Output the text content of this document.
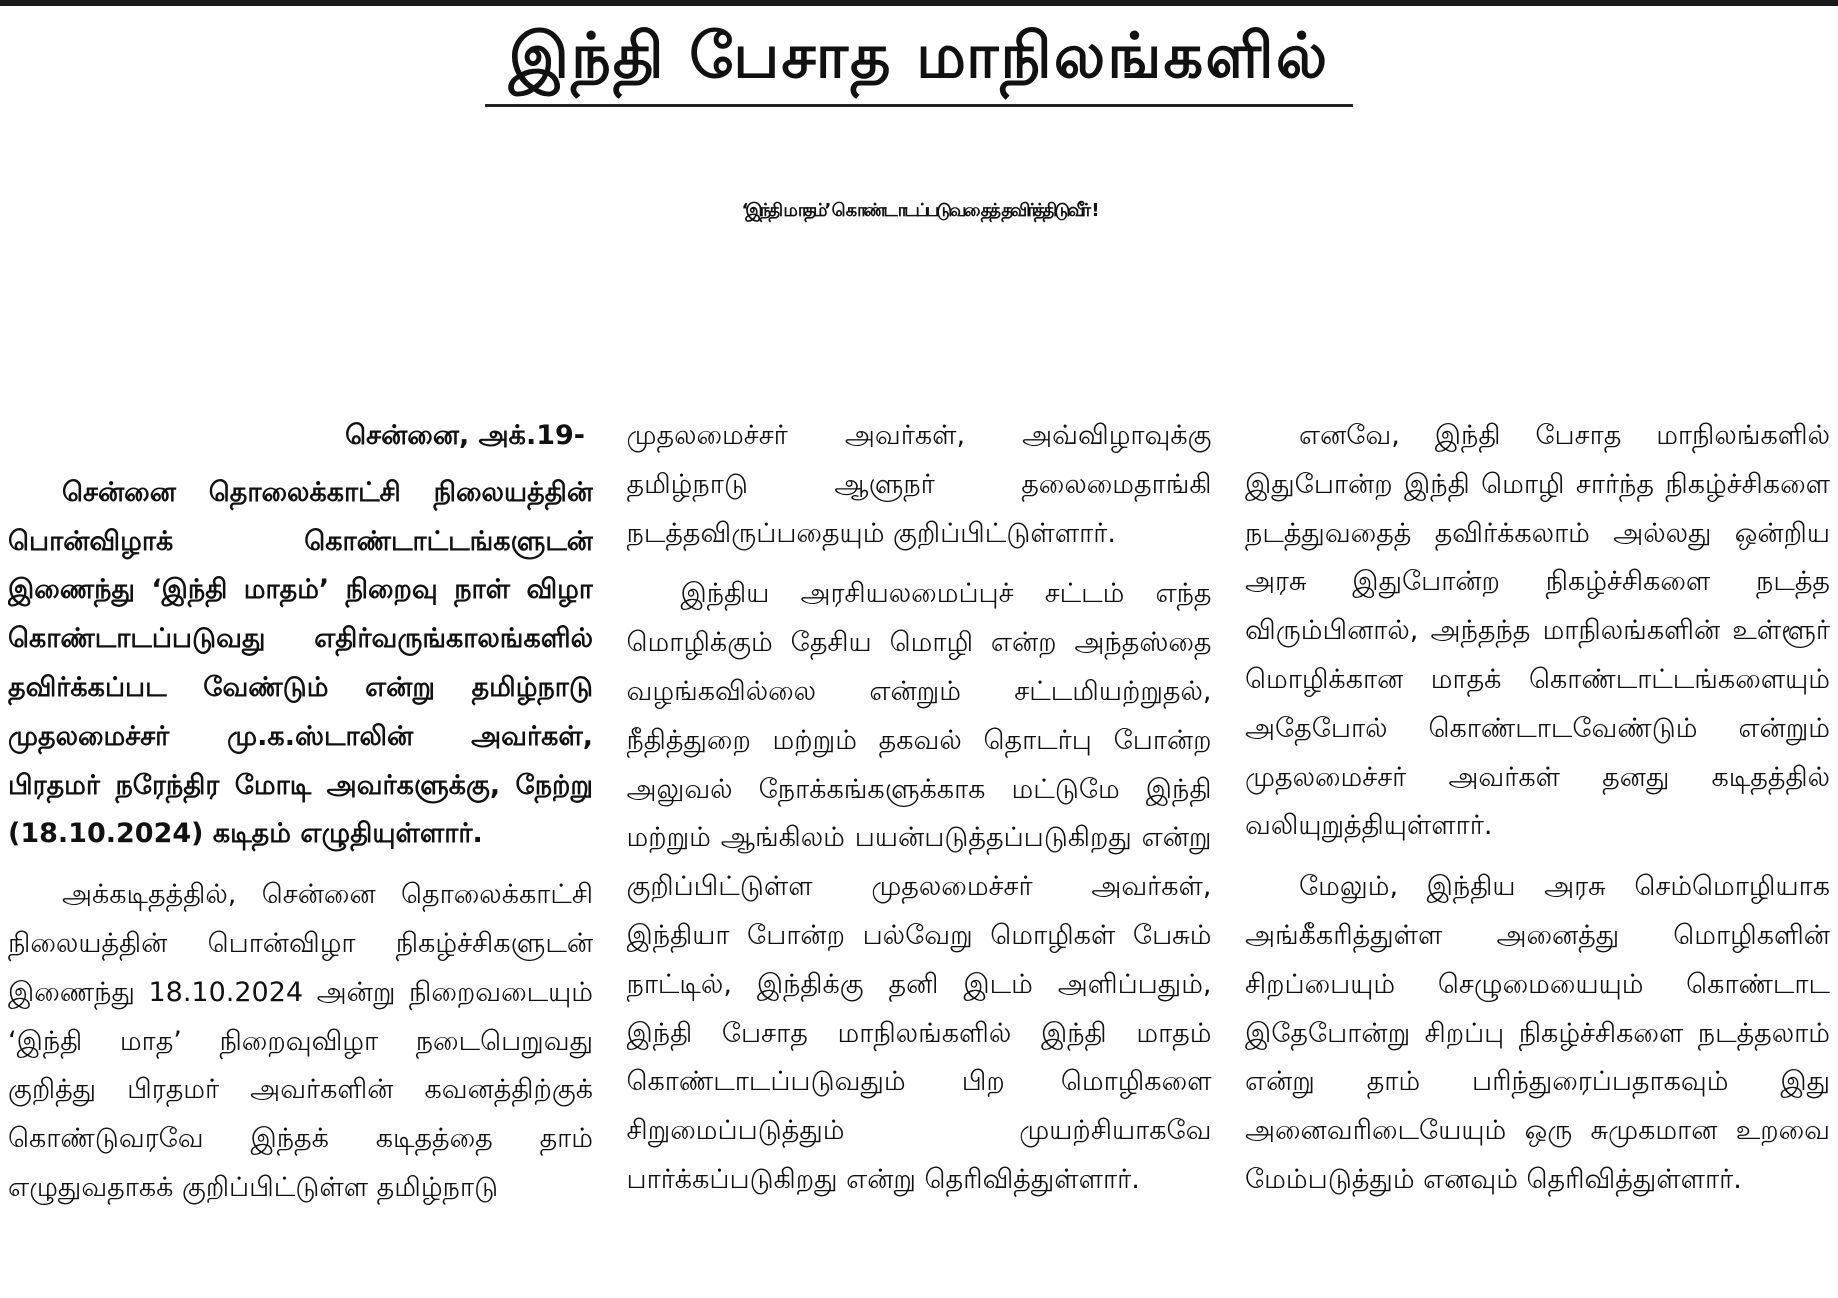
இந்தி பேசாத மாநிலங்களில்
‘இந்தி மாதம்’ கொண்டாடப்படுவதைத் தவிர்த்திடுவீர் !
சென்னை, அக்.19-

சென்னை தொலைக்காட்சி நிலையத்தின் பொன்விழாக் கொண்டாட்டங்களுடன் இணைந்து ‘இந்தி மாதம்’ நிறைவு நாள் விழா கொண்டாடப்படுவது எதிர்வருங்காலங்களில் தவிர்க்கப்பட வேண்டும் என்று தமிழ்நாடு முதலமைச்சர் மு.க.ஸ்டாலின் அவர்கள், பிரதமர் நரேந்திர மோடி அவர்களுக்கு, நேற்று (18.10.2024) கடிதம் எழுதியுள்ளார்.

அக்கடிதத்தில், சென்னை தொலைக்காட்சி நிலையத்தின் பொன்விழா நிகழ்ச்சிகளுடன் இணைந்து 18.10.2024 அன்று நிறைவடையும் ‘இந்தி மாத’ நிறைவுவிழா நடைபெறுவது குறித்து பிரதமர் அவர்களின் கவனத்திற்குக் கொண்டுவரவே இந்தக் கடிதத்தை தாம் எழுதுவதாகக் குறிப்பிட்டுள்ள தமிழ்நாடு

முதலமைச்சர் அவர்கள், அவ்விழாவுக்கு தமிழ்நாடு ஆளுநர் தலைமைதாங்கி நடத்தவிருப்பதையும் குறிப்பிட்டுள்ளார்.

இந்திய அரசியலமைப்புச் சட்டம் எந்த மொழிக்கும் தேசிய மொழி என்ற அந்தஸ்தை வழங்கவில்லை என்றும் சட்டமியற்றுதல், நீதித்துறை மற்றும் தகவல் தொடர்பு போன்ற அலுவல் நோக்கங்களுக்காக மட்டுமே இந்தி மற்றும் ஆங்கிலம் பயன்படுத்தப்படுகிறது என்று குறிப்பிட்டுள்ள முதலமைச்சர் அவர்கள், இந்தியா போன்ற பல்வேறு மொழிகள் பேசும் நாட்டில், இந்திக்கு தனி இடம் அளிப்பதும், இந்தி பேசாத மாநிலங்களில் இந்தி மாதம் கொண்டாடப்படுவதும் பிற மொழிகளை சிறுமைப்படுத்தும் முயற்சியாகவே பார்க்கப்படுகிறது என்று தெரிவித்துள்ளார்.

எனவே, இந்தி பேசாத மாநிலங்களில் இதுபோன்ற இந்தி மொழி சார்ந்த நிகழ்ச்சிகளை நடத்துவதைத் தவிர்க்கலாம் அல்லது ஒன்றிய அரசு இதுபோன்ற நிகழ்ச்சிகளை நடத்த விரும்பினால், அந்தந்த மாநிலங்களின் உள்ளூர் மொழிக்கான மாதக் கொண்டாட்டங்களையும் அதேபோல் கொண்டாடவேண்டும் என்றும் முதலமைச்சர் அவர்கள் தனது கடிதத்தில் வலியுறுத்தியுள்ளார்.

மேலும், இந்திய அரசு செம்மொழியாக அங்கீகரித்துள்ள அனைத்து மொழிகளின் சிறப்பையும் செழுமையையும் கொண்டாட இதேபோன்று சிறப்பு நிகழ்ச்சிகளை நடத்தலாம் என்று தாம் பரிந்துரைப்பதாகவும் இது அனைவரிடையேயும் ஒரு சுமுகமான உறவை மேம்படுத்தும் எனவும் தெரிவித்துள்ளார்.
